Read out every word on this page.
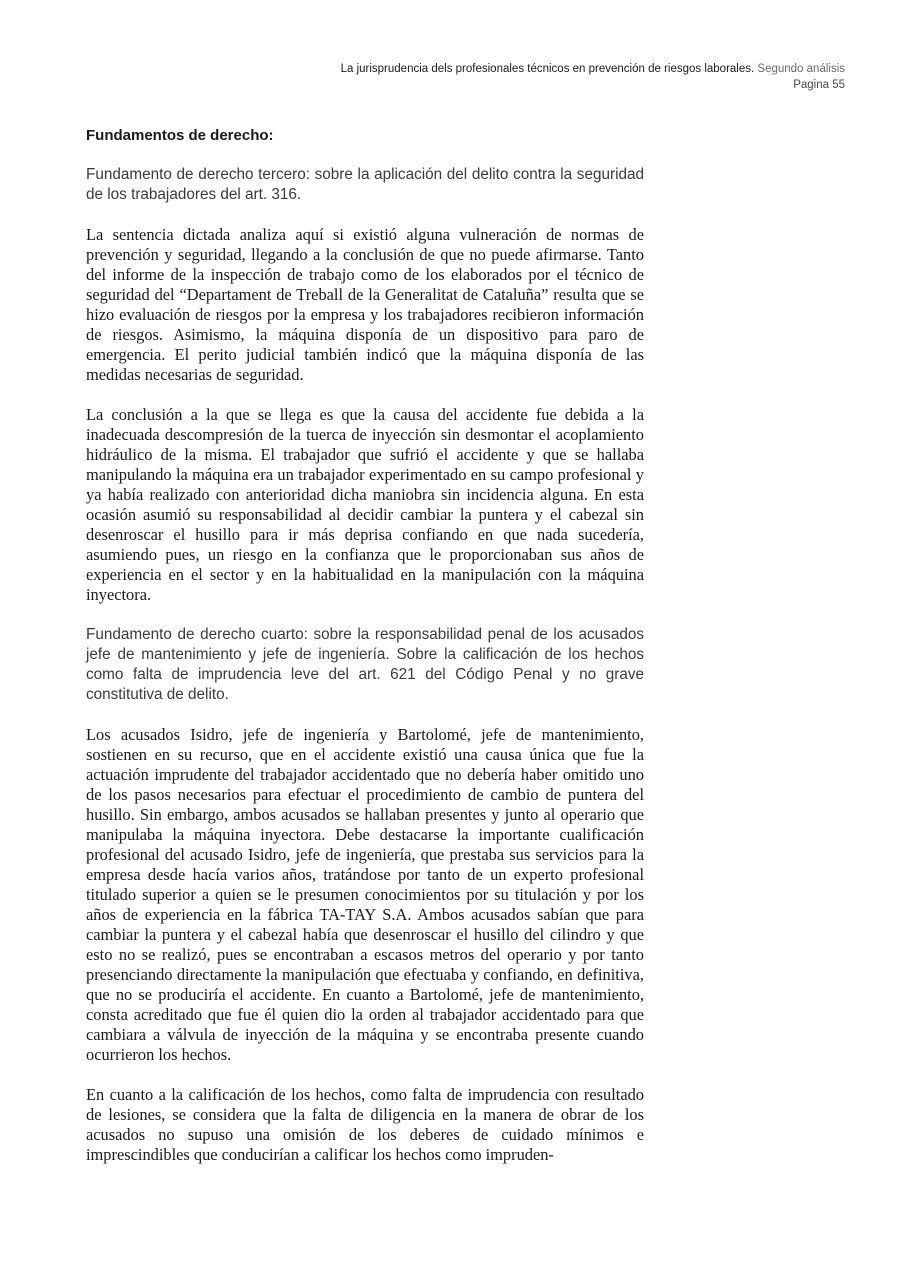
La jurisprudencia dels profesionales técnicos en prevención de riesgos laborales. Segundo análisis
Pagina 55
Fundamentos de derecho:

Fundamento de derecho tercero: sobre la aplicación del delito contra la seguridad de los trabajadores del art. 316.

La sentencia dictada analiza aquí si existió alguna vulneración de normas de prevención y seguridad, llegando a la conclusión de que no puede afirmarse. Tanto del informe de la inspección de trabajo como de los elaborados por el técnico de seguridad del “Departament de Treball de la Generalitat de Cataluña” resulta que se hizo evaluación de riesgos por la empresa y los trabajadores recibieron información de riesgos. Asimismo, la máquina disponía de un dispositivo para paro de emergencia. El perito judicial también indicó que la máquina disponía de las medidas necesarias de seguridad.

La conclusión a la que se llega es que la causa del accidente fue debida a la inadecuada descompresión de la tuerca de inyección sin desmontar el acoplamiento hidráulico de la misma. El trabajador que sufrió el accidente y que se hallaba manipulando la máquina era un trabajador experimentado en su campo profesional y ya había realizado con anterioridad dicha maniobra sin incidencia alguna. En esta ocasión asumió su responsabilidad al decidir cambiar la puntera y el cabezal sin desenroscar el husillo para ir más deprisa confiando en que nada sucedería, asumiendo pues, un riesgo en la confianza que le proporcionaban sus años de experiencia en el sector y en la habitualidad en la manipulación con la máquina inyectora.

Fundamento de derecho cuarto: sobre la responsabilidad penal de los acusados jefe de mantenimiento y jefe de ingeniería. Sobre la calificación de los hechos como falta de imprudencia leve del art. 621 del Código Penal y no grave constitutiva de delito.

Los acusados Isidro, jefe de ingeniería y Bartolomé, jefe de mantenimiento, sostienen en su recurso, que en el accidente existió una causa única que fue la actuación imprudente del trabajador accidentado que no debería haber omitido uno de los pasos necesarios para efectuar el procedimiento de cambio de puntera del husillo. Sin embargo, ambos acusados se hallaban presentes y junto al operario que manipulaba la máquina inyectora. Debe destacarse la importante cualificación profesional del acusado Isidro, jefe de ingeniería, que prestaba sus servicios para la empresa desde hacía varios años, tratándose por tanto de un experto profesional titulado superior a quien se le presumen conocimientos por su titulación y por los años de experiencia en la fábrica TA-TAY S.A. Ambos acusados sabían que para cambiar la puntera y el cabezal había que desenroscar el husillo del cilindro y que esto no se realizó, pues se encontraban a escasos metros del operario y por tanto presenciando directamente la manipulación que efectuaba y confiando, en definitiva, que no se produciría el accidente. En cuanto a Bartolomé, jefe de mantenimiento, consta acreditado que fue él quien dio la orden al trabajador accidentado para que cambiara a válvula de inyección de la máquina y se encontraba presente cuando ocurrieron los hechos.

En cuanto a la calificación de los hechos, como falta de imprudencia con resultado de lesiones, se considera que la falta de diligencia en la manera de obrar de los acusados no supuso una omisión de los deberes de cuidado mínimos e imprescindibles que conducirían a calificar los hechos como impruden-
